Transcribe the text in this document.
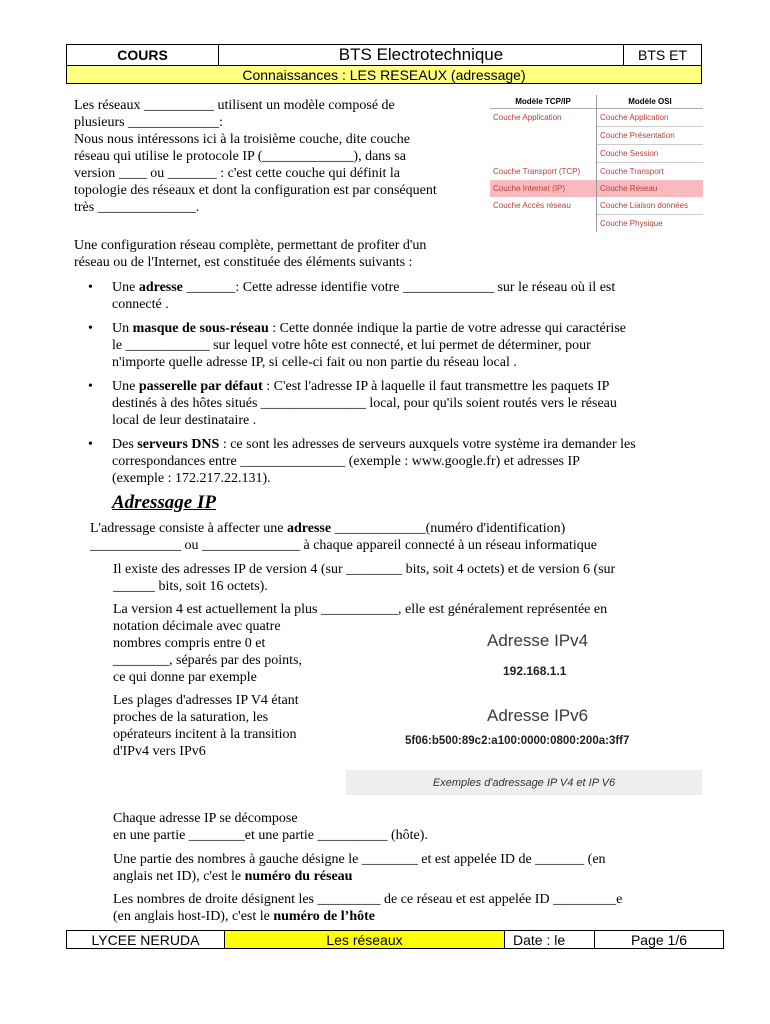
COURS	BTS Electrotechnique	BTS ET
Connaissances : LES RESEAUX (adressage)
Les réseaux __________ utilisent un modèle composé de
plusieurs _____________:
Nous nous intéressons ici à la troisième couche, dite couche
réseau qui utilise le protocole IP (_____________), dans sa
version ____ ou _______ : c'est cette couche qui définit la
topologie des réseaux et dont la configuration est par conséquent
très ______________.
Modèle TCP/IP	Modèle OSI
Couche Application	Couche Application
	Couche Présentation
	Couche Session
Couche Transport (TCP)	Couche Transport
Couche Internet (IP)	Couche Réseau
Couche Accès réseau	Couche Liaison données
	Couche Physique
Une configuration réseau complète, permettant de profiter d'un
réseau ou de l'Internet, est constituée des éléments suivants :
• Une adresse _______: Cette adresse identifie votre _____________ sur le réseau où il est
connecté .
• Un masque de sous-réseau : Cette donnée indique la partie de votre adresse qui caractérise
le ____________ sur lequel votre hôte est connecté, et lui permet de déterminer, pour
n'importe quelle adresse IP, si celle-ci fait ou non partie du réseau local .
• Une passerelle par défaut : C'est l'adresse IP à laquelle il faut transmettre les paquets IP
destinés à des hôtes situés _______________ local, pour qu'ils soient routés vers le réseau
local de leur destinataire .
• Des serveurs DNS : ce sont les adresses de serveurs auxquels votre système ira demander les
correspondances entre _______________ (exemple : www.google.fr) et adresses IP
(exemple : 172.217.22.131).
Adressage IP
L'adressage consiste à affecter une adresse _____________(numéro d'identification)
_____________ ou ______________ à chaque appareil connecté à un réseau informatique
Il existe des adresses IP de version 4 (sur ________ bits, soit 4 octets) et de version 6 (sur
______ bits, soit 16 octets).
La version 4 est actuellement la plus ___________, elle est généralement représentée en
notation décimale avec quatre
nombres compris entre 0 et
________, séparés par des points,
ce qui donne par exemple
Les plages d'adresses IP V4 étant
proches de la saturation, les
opérateurs incitent à la transition
d'IPv4 vers IPv6
Adresse IPv4
192.168.1.1
Adresse IPv6
5f06:b500:89c2:a100:0000:0800:200a:3ff7
Exemples d'adressage IP V4 et IP V6
Chaque adresse IP se décompose
en une partie ________et une partie __________ (hôte).
Une partie des nombres à gauche désigne le ________ et est appelée ID de _______ (en
anglais net ID), c'est le numéro du réseau
Les nombres de droite désignent les _________ de ce réseau et est appelée ID _________e
(en anglais host-ID), c'est le numéro de l’hôte
LYCEE NERUDA	Les réseaux	Date : le	Page 1/6
